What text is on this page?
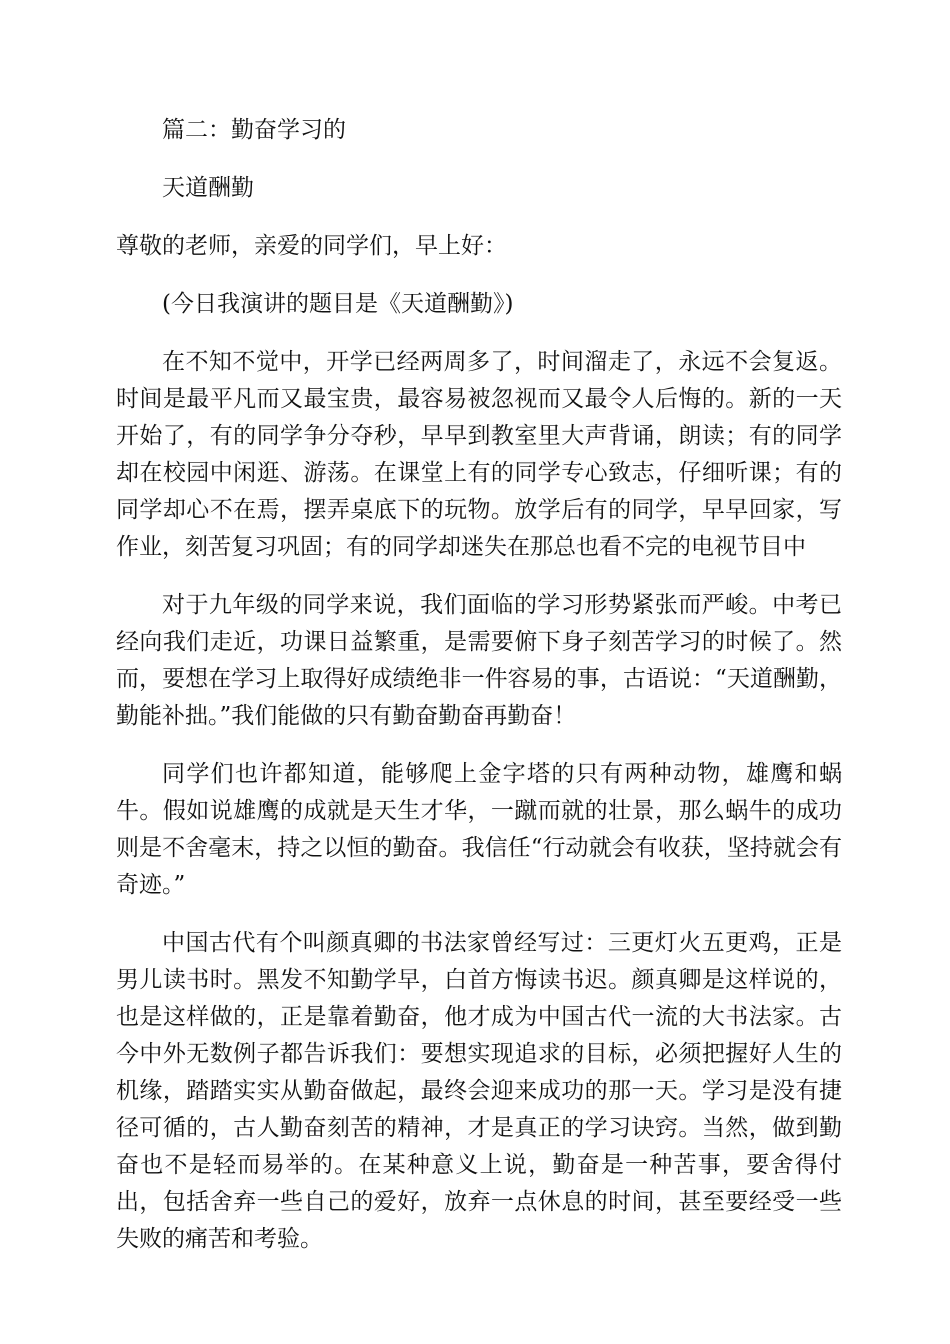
篇二：勤奋学习的

天道酬勤

尊敬的老师，亲爱的同学们，早上好：

(今日我演讲的题目是《天道酬勤》)

在不知不觉中，开学已经两周多了，时间溜走了，永远不会复返。时间是最平凡而又最宝贵，最容易被忽视而又最令人后悔的。新的一天开始了，有的同学争分夺秒，早早到教室里大声背诵，朗读；有的同学却在校园中闲逛、游荡。在课堂上有的同学专心致志，仔细听课；有的同学却心不在焉，摆弄桌底下的玩物。放学后有的同学，早早回家，写作业，刻苦复习巩固；有的同学却迷失在那总也看不完的电视节目中

对于九年级的同学来说，我们面临的学习形势紧张而严峻。中考已经向我们走近，功课日益繁重，是需要俯下身子刻苦学习的时候了。然而，要想在学习上取得好成绩绝非一件容易的事，古语说：“天道酬勤，勤能补拙。”我们能做的只有勤奋勤奋再勤奋！

同学们也许都知道，能够爬上金字塔的只有两种动物，雄鹰和蜗牛。假如说雄鹰的成就是天生才华，一蹴而就的壮景，那么蜗牛的成功则是不舍毫末，持之以恒的勤奋。我信任“行动就会有收获，坚持就会有奇迹。”

中国古代有个叫颜真卿的书法家曾经写过：三更灯火五更鸡，正是男儿读书时。黑发不知勤学早，白首方悔读书迟。颜真卿是这样说的，也是这样做的，正是靠着勤奋，他才成为中国古代一流的大书法家。古今中外无数例子都告诉我们：要想实现追求的目标，必须把握好人生的机缘，踏踏实实从勤奋做起，最终会迎来成功的那一天。学习是没有捷径可循的，古人勤奋刻苦的精神，才是真正的学习诀窍。当然，做到勤奋也不是轻而易举的。在某种意义上说，勤奋是一种苦事，要舍得付出，包括舍弃一些自己的爱好，放弃一点休息的时间，甚至要经受一些失败的痛苦和考验。
